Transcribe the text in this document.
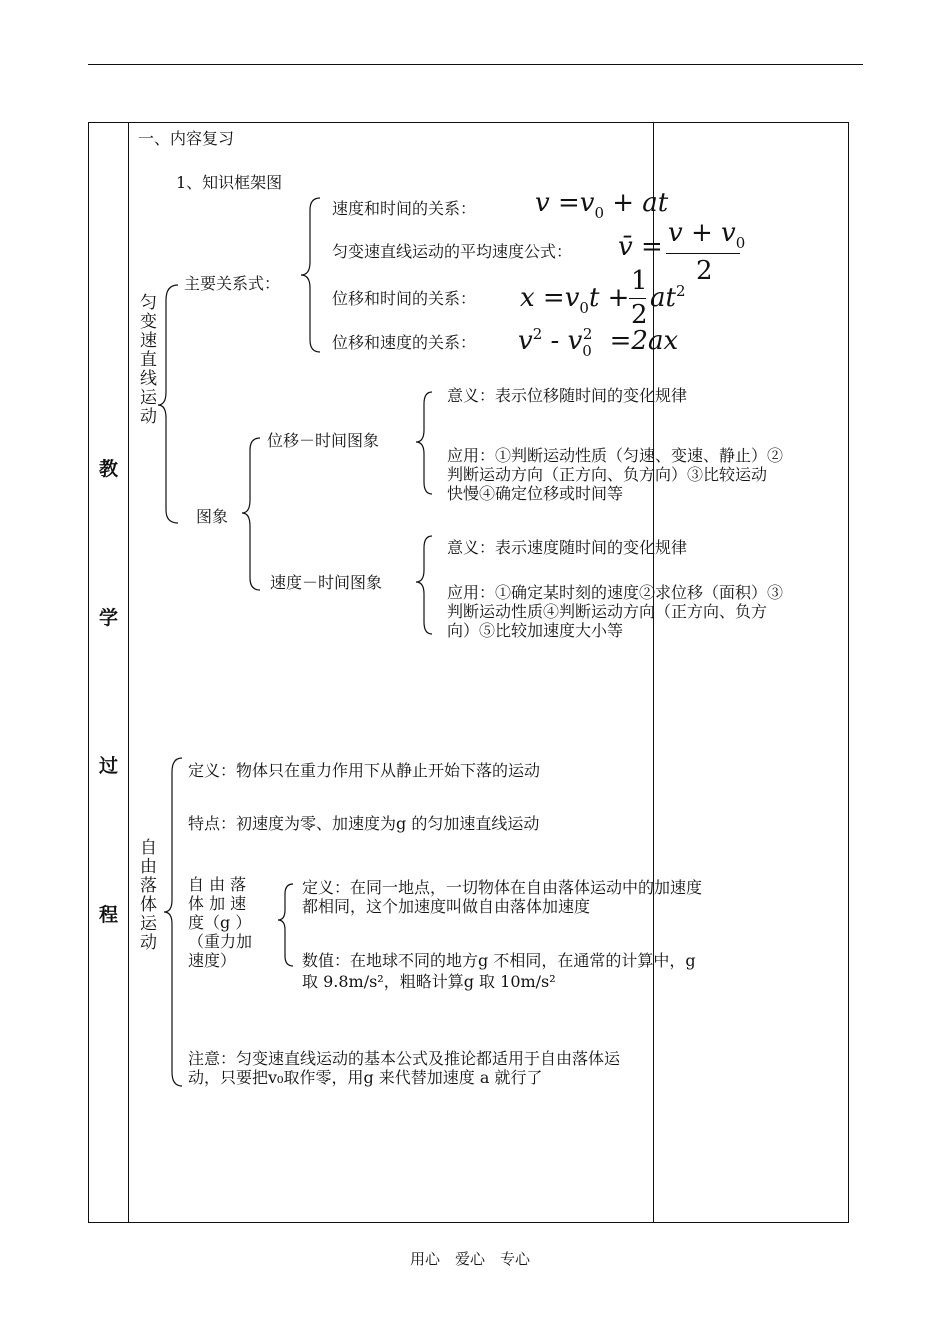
教
学
过
程
一、内容复习
1、知识框架图
匀变速直线运动
主要关系式：
速度和时间的关系： $v =v_0$ + at
匀变速直线运动的平均速度公式： v̄ = $v + v_0$
2
位移和时间的关系： $x =v_0t$ +
1
2
$at^2$
位移和速度的关系： $v^2 - v_0^2 =2ax$
图象
位移－时间图象
意义：表示位移随时间的变化规律
应用：①判断运动性质（匀速、变速、静止）②
判断运动方向（正方向、负方向）③比较运动
快慢④确定位移或时间等
速度－时间图象
意义：表示速度随时间的变化规律
应用：①确定某时刻的速度②求位移（面积）③
判断运动性质④判断运动方向（正方向、负方
向）⑤比较加速度大小等
自由落体运动
定义：物体只在重力作用下从静止开始下落的运动
特点：初速度为零、加速度为g 的匀加速直线运动
自 由 落
体 加 速
度（g ）
（重力加
速度）
定义：在同一地点，一切物体在自由落体运动中的加速度
都相同，这个加速度叫做自由落体加速度
数值：在地球不同的地方g 不相同，在通常的计算中，g
取 9.8m/s²，粗略计算g 取 10m/s²
注意：匀变速直线运动的基本公式及推论都适用于自由落体运
动，只要把v₀取作零，用g 来代替加速度 a 就行了
用心　爱心　专心
